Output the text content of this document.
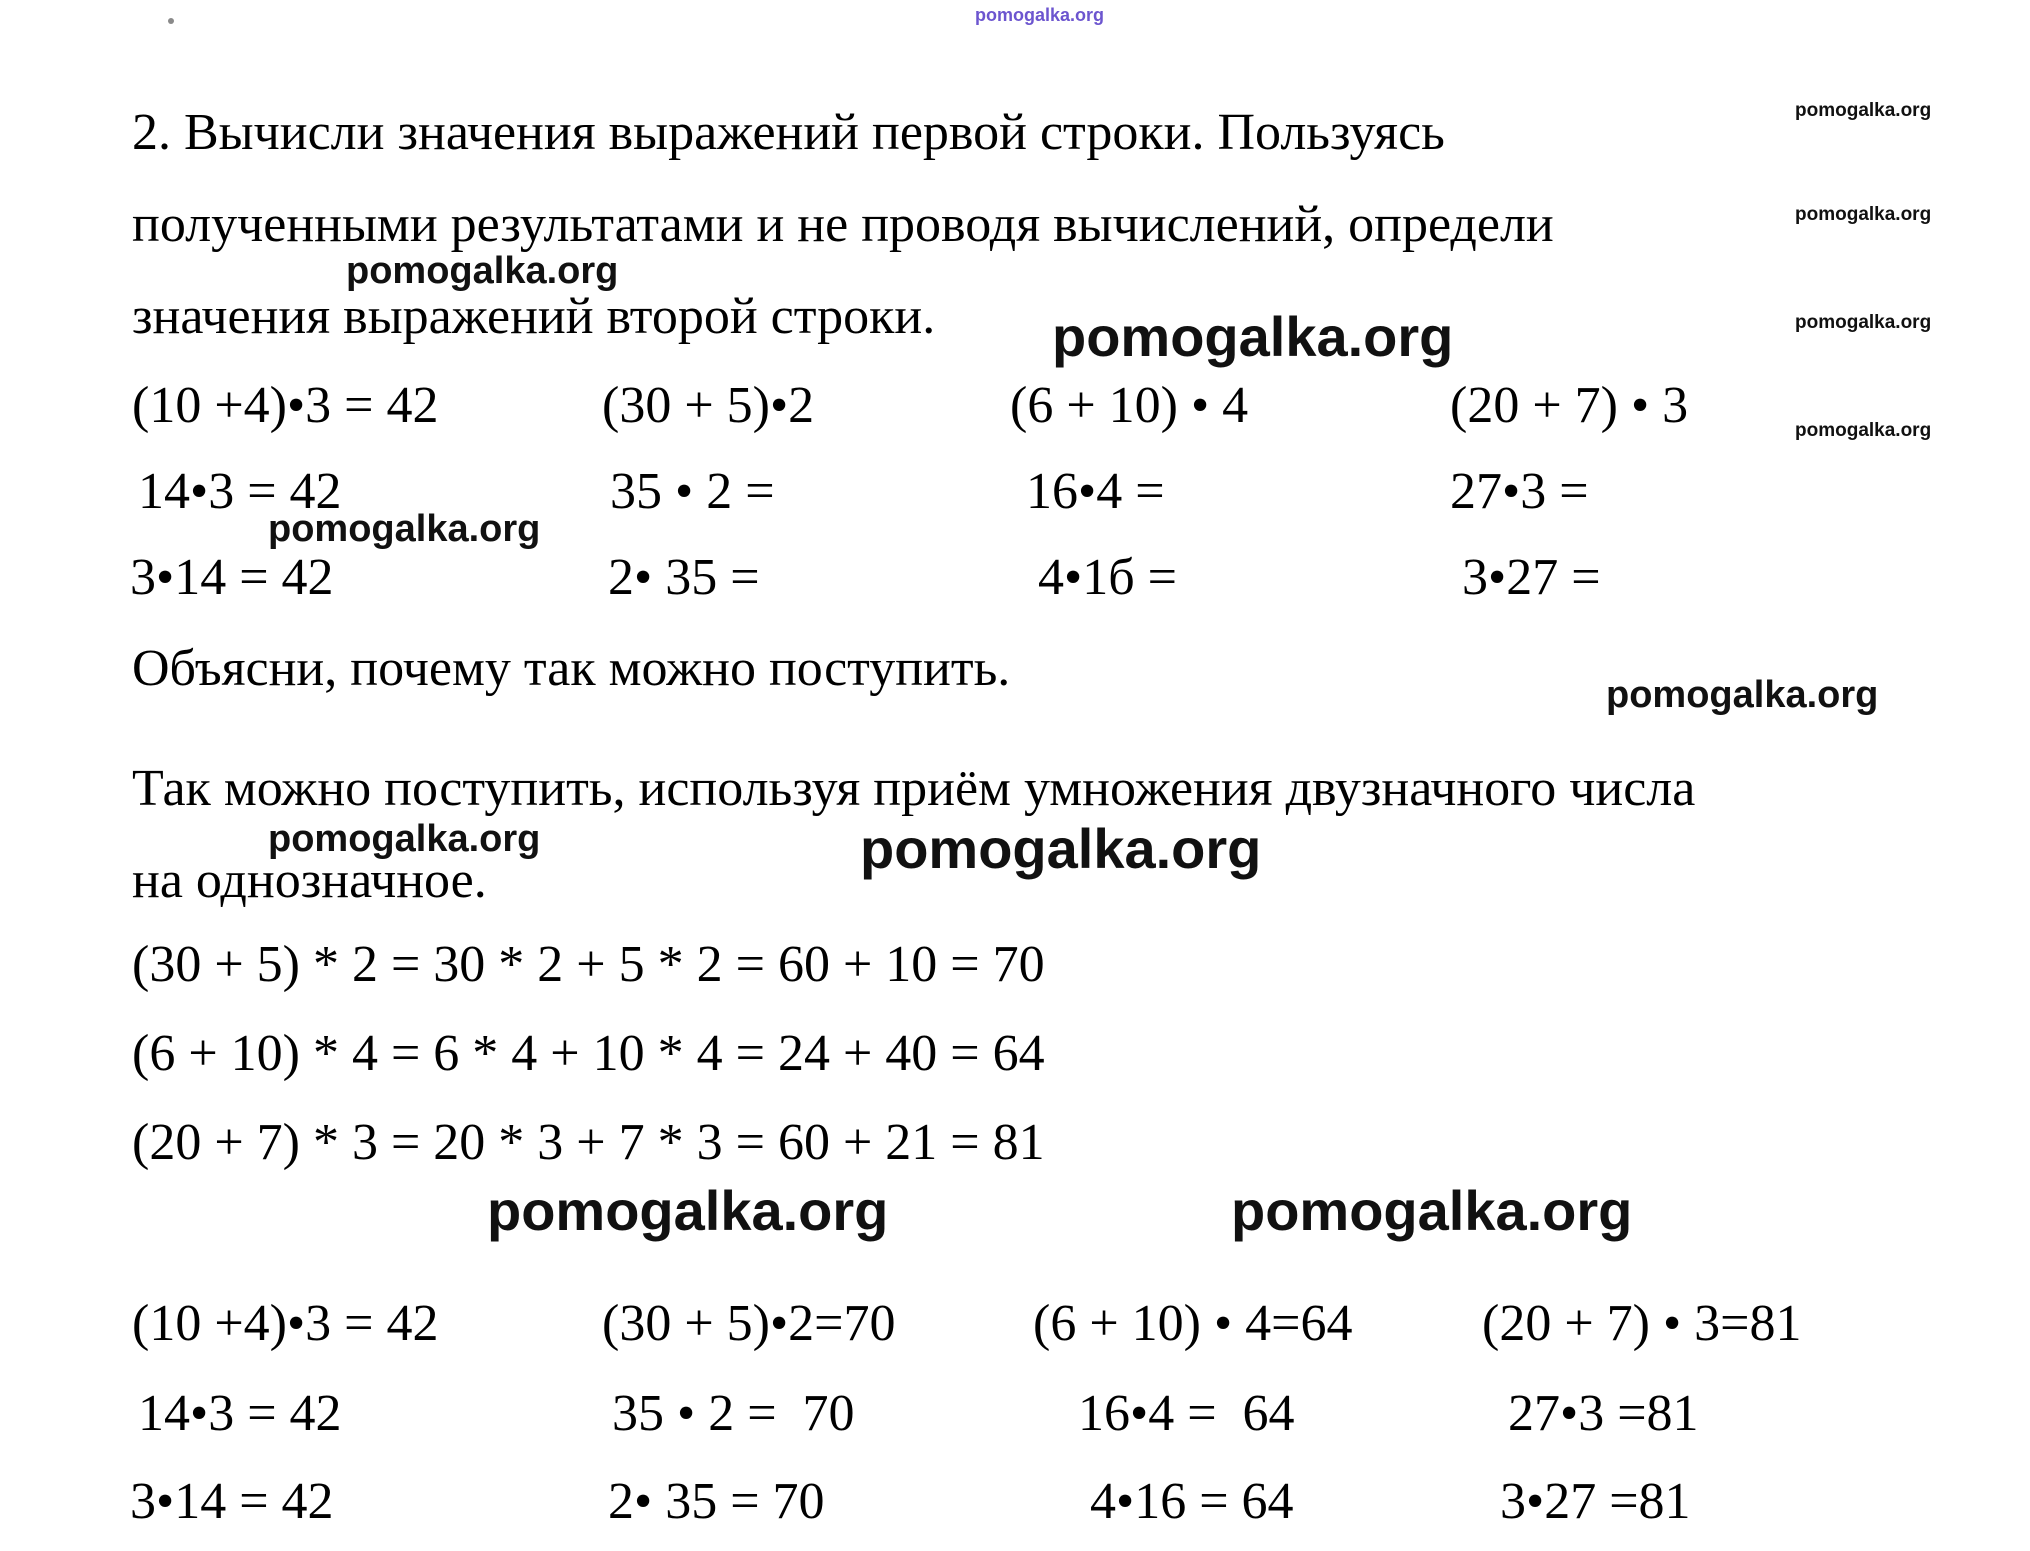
pomogalka.org
pomogalka.org
pomogalka.org
pomogalka.org
pomogalka.org
2. Вычисли значения выражений первой строки. Пользуясь
полученными результатами и не проводя вычислений, определи
pomogalka.org
значения выражений второй строки. pomogalka.org
(10 +4)•3 = 42	(30 + 5)•2	(6 + 10) • 4	(20 + 7) • 3
14•3 = 42	35 • 2 =	16•4 =	27•3 =
pomogalka.org
3•14 = 42	2• 35 =	4•1б =	3•27 =
Объясни, почему так можно поступить.	pomogalka.org
Так можно поступить, используя приём умножения двузначного числа
pomogalka.org	pomogalka.org
на однозначное.
(30 + 5) * 2 = 30 * 2 + 5 * 2 = 60 + 10 = 70
(6 + 10) * 4 = 6 * 4 + 10 * 4 = 24 + 40 = 64
(20 + 7) * 3 = 20 * 3 + 7 * 3 = 60 + 21 = 81
pomogalka.org	pomogalka.org
(10 +4)•3 = 42	(30 + 5)•2=70	(6 + 10) • 4=64 (20 + 7) • 3=81
14•3 = 42	35 • 2 =  70	16•4 =  64	27•3 =81
3•14 = 42	2• 35 = 70	4•16 = 64	3•27 =81
